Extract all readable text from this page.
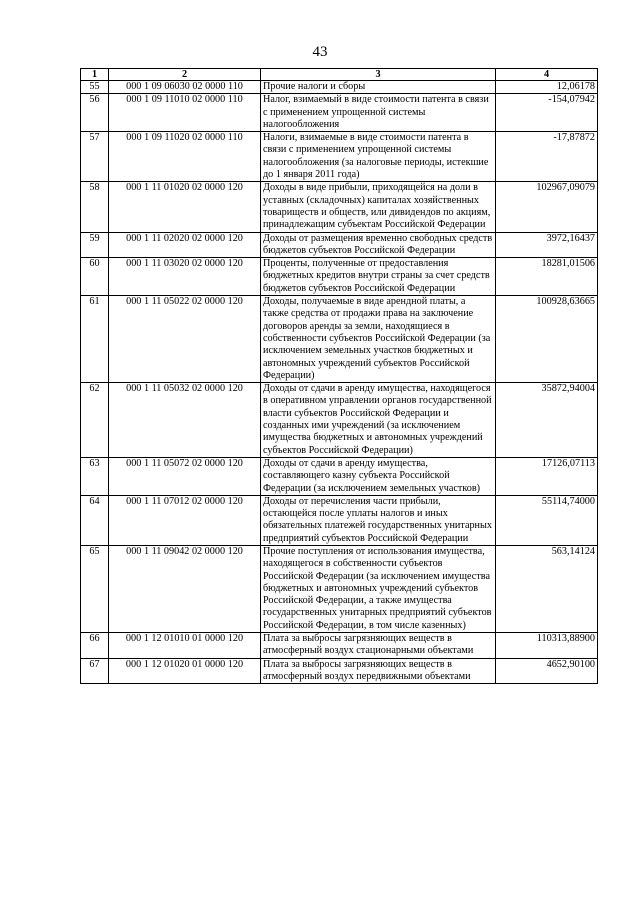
43
1	2	3	4
55	000 1 09 06030 02 0000 110	Прочие налоги и сборы	12,06178
56	000 1 09 11010 02 0000 110	Налог, взимаемый в виде стоимости патента в связи с применением упрощенной системы налогообложения	-154,07942
57	000 1 09 11020 02 0000 110	Налоги, взимаемые в виде стоимости патента в связи с применением упрощенной системы налогообложения (за налоговые периоды, истекшие до 1 января 2011 года)	-17,87872
58	000 1 11 01020 02 0000 120	Доходы в виде прибыли, приходящейся на доли в уставных (складочных) капиталах хозяйственных товариществ и обществ, или дивидендов по акциям, принадлежащим субъектам Российской Федерации	102967,09079
59	000 1 11 02020 02 0000 120	Доходы от размещения временно свободных средств бюджетов субъектов Российской Федерации	3972,16437
60	000 1 11 03020 02 0000 120	Проценты, полученные от предоставления бюджетных кредитов внутри страны за счет средств бюджетов субъектов Российской Федерации	18281,01506
61	000 1 11 05022 02 0000 120	Доходы, получаемые в виде арендной платы, а также средства от продажи права на заключение договоров аренды за земли, находящиеся в собственности субъектов Российской Федерации (за исключением земельных участков бюджетных и автономных учреждений субъектов Российской Федерации)	100928,63665
62	000 1 11 05032 02 0000 120	Доходы от сдачи в аренду имущества, находящегося в оперативном управлении органов государственной власти субъектов Российской Федерации и созданных ими учреждений (за исключением имущества бюджетных и автономных учреждений субъектов Российской Федерации)	35872,94004
63	000 1 11 05072 02 0000 120	Доходы от сдачи в аренду имущества, составляющего казну субъекта Российской Федерации (за исключением земельных участков)	17126,07113
64	000 1 11 07012 02 0000 120	Доходы от перечисления части прибыли, остающейся после уплаты налогов и иных обязательных платежей государственных унитарных предприятий субъектов Российской Федерации	55114,74000
65	000 1 11 09042 02 0000 120	Прочие поступления от использования имущества, находящегося в собственности субъектов Российской Федерации (за исключением имущества бюджетных и автономных учреждений субъектов Российской Федерации, а также имущества государственных унитарных предприятий субъектов Российской Федерации, в том числе казенных)	563,14124
66	000 1 12 01010 01 0000 120	Плата за выбросы загрязняющих веществ в атмосферный воздух стационарными объектами	110313,88900
67	000 1 12 01020 01 0000 120	Плата за выбросы загрязняющих веществ в атмосферный воздух передвижными объектами	4652,90100
